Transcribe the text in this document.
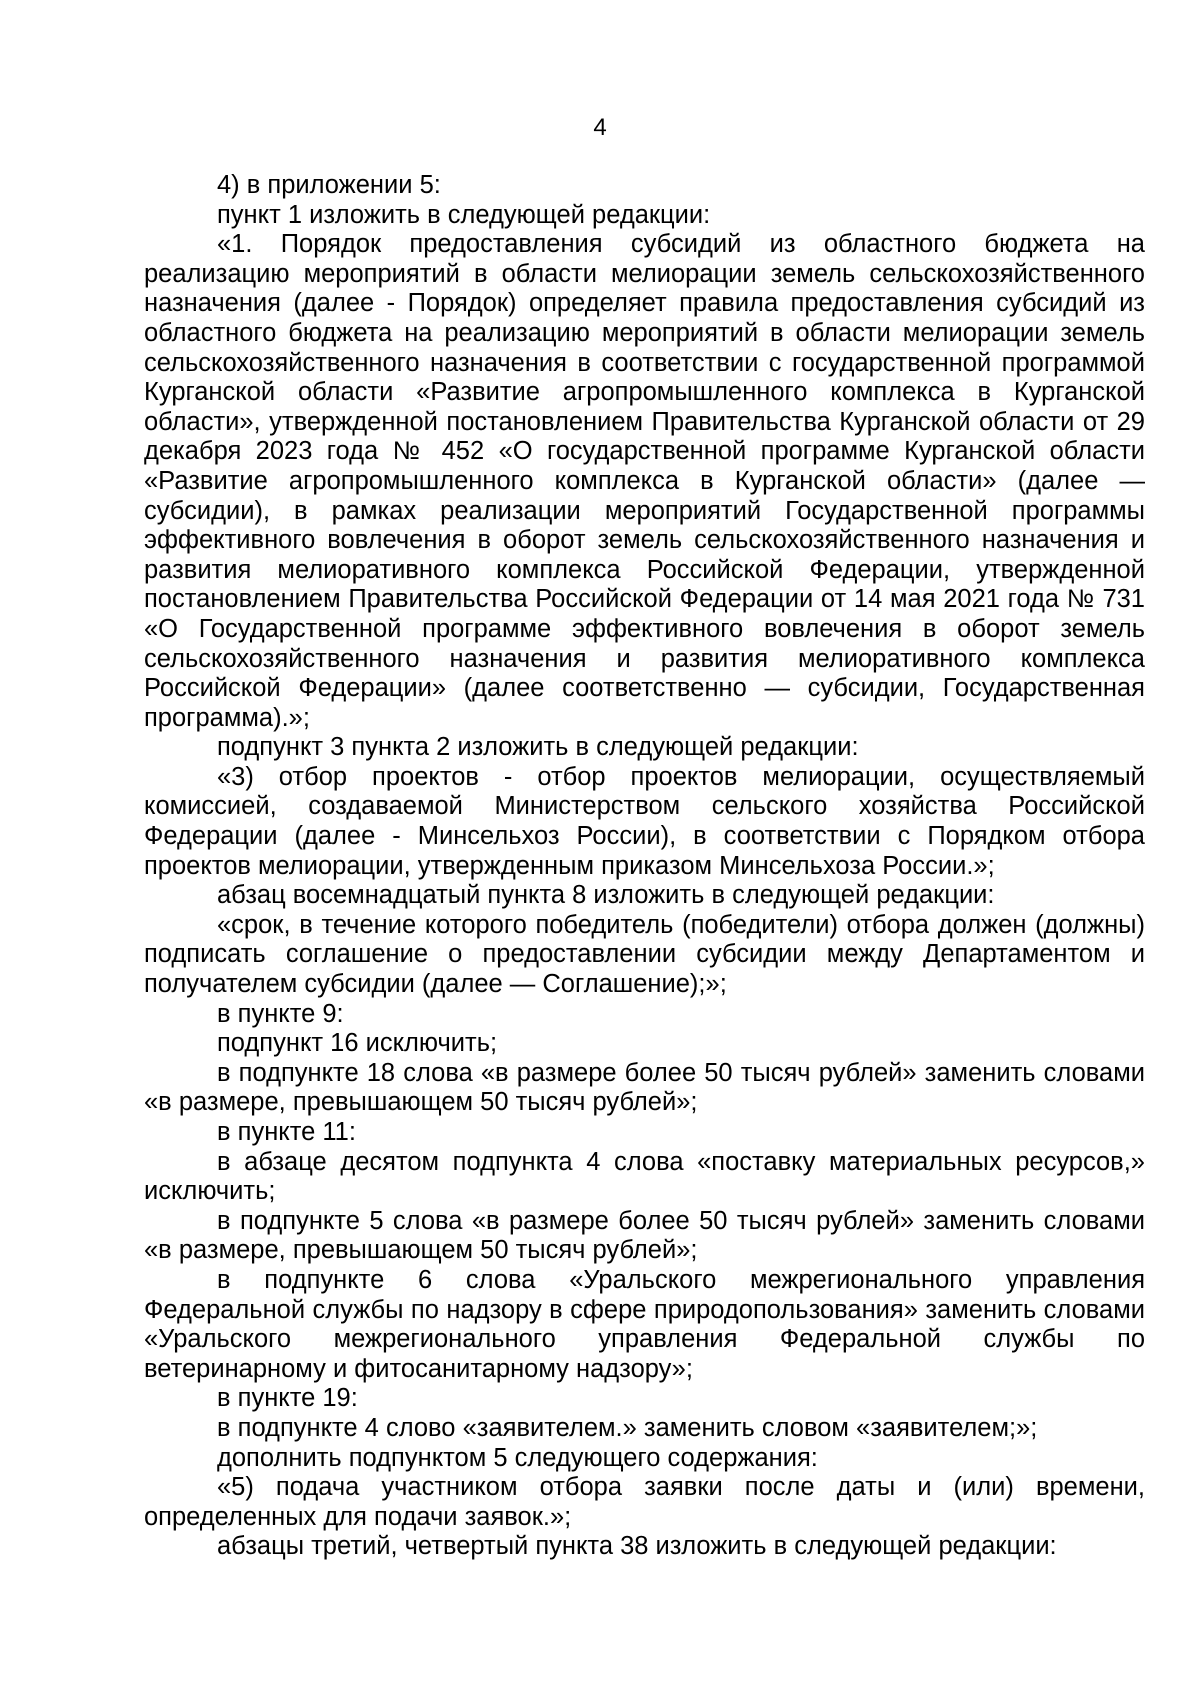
4

4) в приложении 5:

пункт 1 изложить в следующей редакции:

«1. Порядок предоставления субсидий из областного бюджета на реализацию мероприятий в области мелиорации земель сельскохозяйственного назначения (далее - Порядок) определяет правила предоставления субсидий из областного бюджета на реализацию мероприятий в области мелиорации земель сельскохозяйственного назначения в соответствии с государственной программой Курганской области «Развитие агропромышленного комплекса в Курганской области», утвержденной постановлением Правительства Курганской области от 29 декабря 2023 года № 452 «О государственной программе Курганской области «Развитие агропромышленного комплекса в Курганской области» (далее — субсидии), в рамках реализации мероприятий Государственной программы эффективного вовлечения в оборот земель сельскохозяйственного назначения и развития мелиоративного комплекса Российской Федерации, утвержденной постановлением Правительства Российской Федерации от 14 мая 2021 года № 731 «О Государственной программе эффективного вовлечения в оборот земель сельскохозяйственного назначения и развития мелиоративного комплекса Российской Федерации» (далее соответственно — субсидии, Государственная программа).»;

подпункт 3 пункта 2 изложить в следующей редакции:

«3) отбор проектов - отбор проектов мелиорации, осуществляемый комиссией, создаваемой Министерством сельского хозяйства Российской Федерации (далее - Минсельхоз России), в соответствии с Порядком отбора проектов мелиорации, утвержденным приказом Минсельхоза России.»;

абзац восемнадцатый пункта 8 изложить в следующей редакции:

«срок, в течение которого победитель (победители) отбора должен (должны) подписать соглашение о предоставлении субсидии между Департаментом и получателем субсидии (далее — Соглашение);»;

в пункте 9:

подпункт 16 исключить;

в подпункте 18 слова «в размере более 50 тысяч рублей» заменить словами «в размере, превышающем 50 тысяч рублей»;

в пункте 11:

в абзаце десятом подпункта 4 слова «поставку материальных ресурсов,» исключить;

в подпункте 5 слова «в размере более 50 тысяч рублей» заменить словами «в размере, превышающем 50 тысяч рублей»;

в подпункте 6 слова «Уральского межрегионального управления Федеральной службы по надзору в сфере природопользования» заменить словами «Уральского межрегионального управления Федеральной службы по ветеринарному и фитосанитарному надзору»;

в пункте 19:

в подпункте 4 слово «заявителем.» заменить словом «заявителем;»;

дополнить подпунктом 5 следующего содержания:

«5) подача участником отбора заявки после даты и (или) времени, определенных для подачи заявок.»;

абзацы третий, четвертый пункта 38 изложить в следующей редакции:
